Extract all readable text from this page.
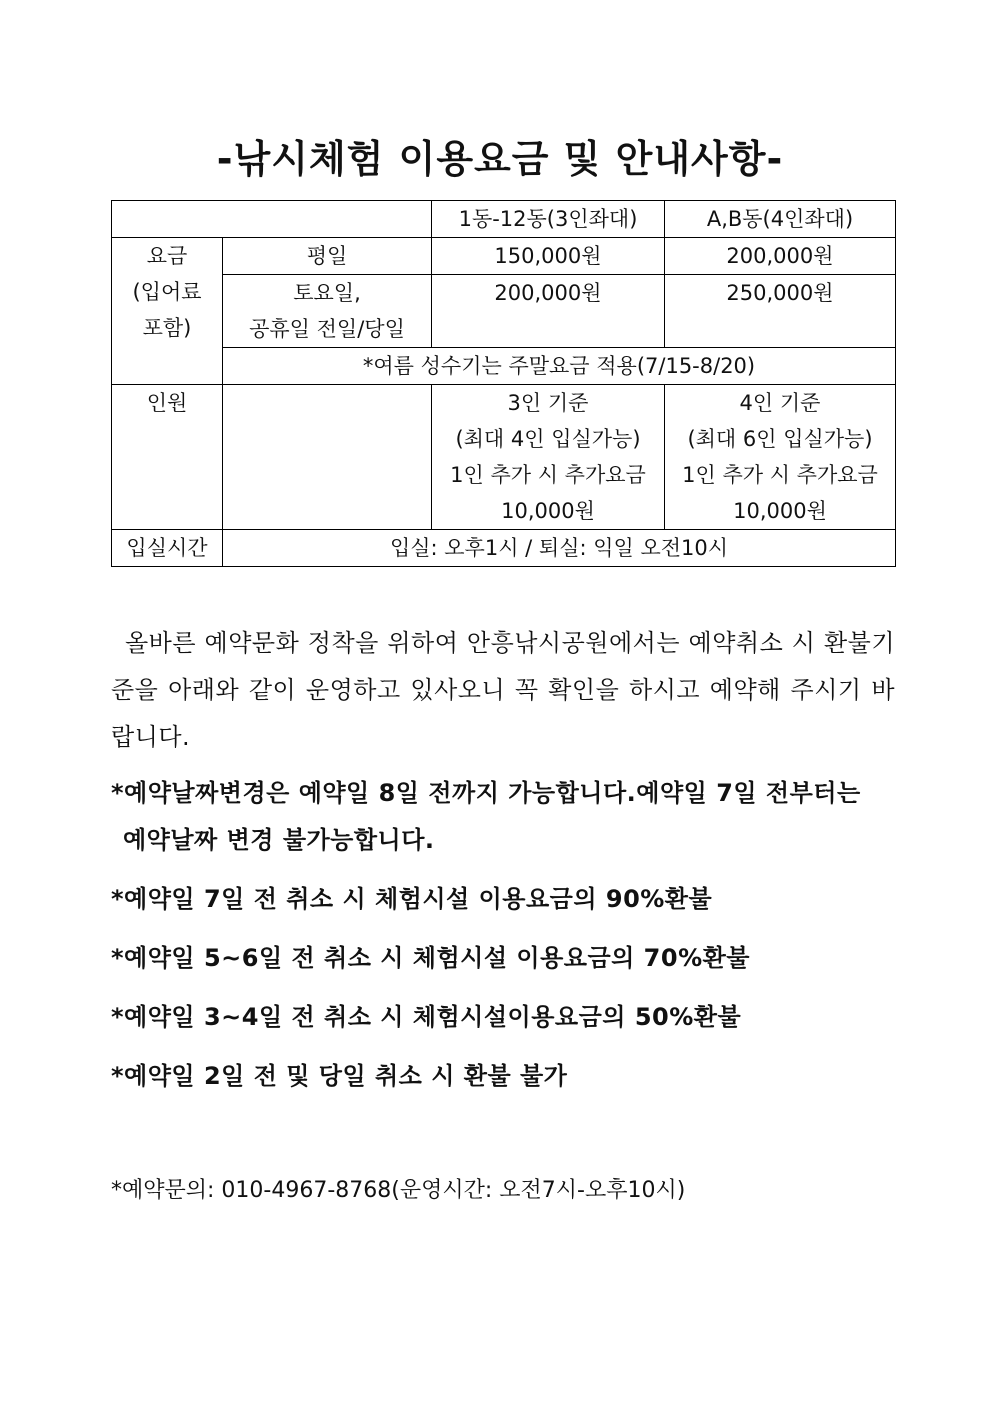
-낚시체험 이용요금 및 안내사항-
		1동-12동(3인좌대)	A,B동(4인좌대)

요금
(입어료
포함)	평일	150,000원	200,000원

	토요일,
공휴일 전일/당일	200,000원	250,000원
	*여름 성수기는 주말요금 적용(7/15-8/20)		
인원		3인 기준
(최대 4인 입실가능)
1인 추가 시 추가요금
10,000원	4인 기준
(최대 6인 입실가능)
1인 추가 시 추가요금
10,000원

입실시간	입실: 오후1시 / 퇴실: 익일 오전10시		
올바른 예약문화 정착을 위하여 안흥낚시공원에서는 예약취소 시 환불기준을 아래와 같이 운영하고 있사오니 꼭 확인을 하시고 예약해 주시기 바랍니다.
*예약날짜변경은 예약일 8일 전까지 가능합니다.예약일 7일 전부터는
예약날짜 변경 불가능합니다.
*예약일 7일 전 취소 시 체험시설 이용요금의 90%환불
*예약일 5~6일 전 취소 시 체험시설 이용요금의 70%환불
*예약일 3~4일 전 취소 시 체험시설이용요금의 50%환불
*예약일 2일 전 및 당일 취소 시 환불 불가
*예약문의: 010-4967-8768(운영시간: 오전7시-오후10시)
